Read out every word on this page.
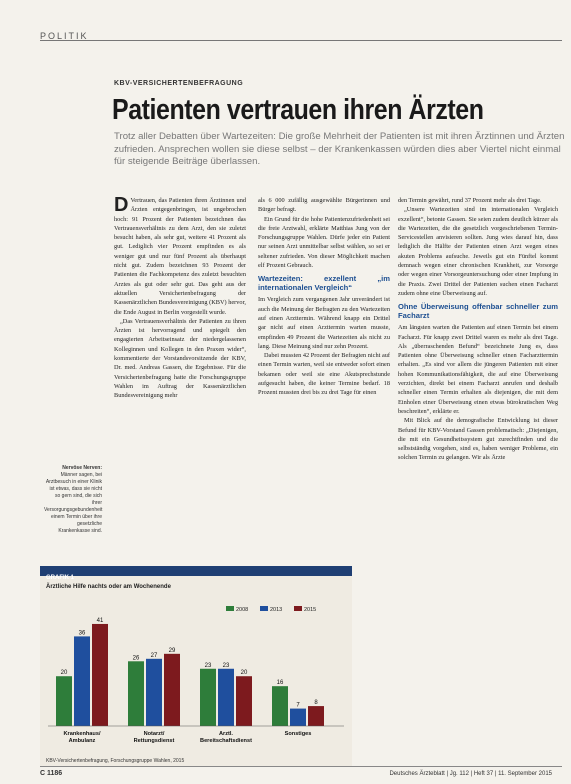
POLITIK
KBV-VERSICHERTENBEFRAGUNG
Patienten vertrauen ihren Ärzten
Trotz aller Debatten über Wartezeiten: Die große Mehrheit der Patienten ist mit ihren Ärztinnen und Ärzten zufrieden. Ansprechen wollen sie diese selbst – der Krankenkassen würden dies aber Viertel nicht einmal für steigende Beiträge überlassen.

D Vertrauen, das Patienten ihren Ärztinnen und Ärzten entgegenbringen, ist ungebrochen hoch: 91 Prozent der Patienten bezeichnen das Vertrauensverhältnis zu dem Arzt, den sie zuletzt besucht haben, als sehr gut, weitere 41 Prozent als gut. Lediglich vier Prozent empfinden es als weniger gut und nur fünf Prozent als überhaupt nicht gut. Zudem bezeichnen 93 Prozent der Patienten die Fachkompetenz des zuletzt besuchten Arztes als gut oder sehr gut. Das geht aus der aktuellen Versichertenbefragung der Kassenärztlichen Bundesvereinigung (KBV) hervor, die Ende August in Berlin vorgestellt wurde.

„Das Vertrauensverhältnis der Patienten zu ihren Ärzten ist hervorragend und spiegelt den engagierten Arbeitseinsatz der niedergelassenen Kolleginnen und Kollegen in den Praxen wider“, kommentierte der Vorstandsvorsitzende der KBV, Dr. med. Andreas Gassen, die Ergebnisse. Für die Versichertenbefragung hatte die Forschungsgruppe Wahlen im Auftrag der Kassenärztlichen Bundesvereinigung mehr

als 6 000 zufällig ausgewählte Bürgerinnen und Bürger befragt.

Ein Grund für die hohe Patientenzufriedenheit sei die freie Arztwahl, erklärte Matthias Jung von der Forschungsgruppe Wahlen. Dürfe jeder ein Patient nur seinen Arzt unmittelbar selbst wählen, so sei er seltener zufrieden. Von dieser Möglichkeit machen elf Prozent Gebrauch.

Wartezeiten: exzellent „im internationalen Vergleich“

Im Vergleich zum vergangenen Jahr unverändert ist auch die Meinung der Befragten zu den Wartezeiten auf einen Arzttermin. Während knapp ein Drittel gar nicht auf einen Arzttermin warten musste, empfinden 49 Prozent die Wartezeiten als nicht zu lang. Diese Meinung sind nur zehn Prozent.

Dabei mussten 42 Prozent der Befragten nicht auf einen Termin warten, weil sie entweder sofort einen bekamen oder weil sie eine Akutsprechstunde aufgesucht haben, die keiner Termine bedarf. 18 Prozent mussten drei bis zu drei Tage für einen

den Termin gewährt, rund 37 Prozent mehr als drei Tage.

„Unsere Wartezeiten sind im internationalen Vergleich exzellent“, betonte Gassen. Sie seien zudem deutlich kürzer als die Wartezeiten, die die gesetzlich vorgeschriebenen Termin-Servicestellen anvisieren sollten. Jung wies darauf hin, dass lediglich die Hälfte der Patienten einen Arzt wegen eines akuten Problems aufsuche. Jeweils gut ein Fünftel kommt demnach wegen einer chronischen Krankheit, zur Vorsorge oder wegen einer Vorsorgeuntersuchung oder einer Impfung in die Praxis. Zwei Drittel der Patienten suchen einen Facharzt zudem ohne eine Überweisung auf.

Ohne Überweisung offenbar schneller zum Facharzt

Am längsten warten die Patienten auf einen Termin bei einem Facharzt. Für knapp zwei Drittel waren es mehr als drei Tage. Als „überraschenden Befund“ bezeichnete Jung es, dass Patienten ohne Überweisung schneller einen Facharzttermin erhalten. „Es sind vor allem die jüngeren Patienten mit einer hohen Kommunikationsfähigkeit, die auf eine Überweisung verzichten, direkt bei einem Facharzt anrufen und deshalb schneller einen Termin erhalten als diejenigen, die mit dem Einholen einer Überweisung einen etwas bürokratischen Weg beschreiten“, erklärte er.

Mit Blick auf die demografische Entwicklung ist dieser Befund für KBV-Vorstand Gassen problematisch: „Diejenigen, die mit ein Gesundheitssystem gut zurechtfinden und die selbstständig vorgehen, sind es, haben weniger Probleme, ein solchen Termin zu gelangen. Wir als Ärzte

Nervöse Nerven:
Männer sagen, bei Arztbesuch in einer Klinik ist etwas, dass sie nicht so gern sind, die sich ihrer Versorgungsgebundenheit einem Termin über ihre gesetzliche Krankenkasse sind.
GRAFIK 1
Ärztliche Hilfe nachts oder am Wochenende
2008	2013	2015
20
36
41
Krankenhaus/
Ambulanz
26 27
29
Notarzt/
Rettungsdienst
23 23
20
Arztl.
Bereitschaftsdienst
16
7 8
Sonstiges
KBV-Versichertenbefragung, Forschungsgruppe Wahlen, 2015
C 1186	Deutsches Ärzteblatt | Jg. 112 | Heft 37 | 11. September 2015
